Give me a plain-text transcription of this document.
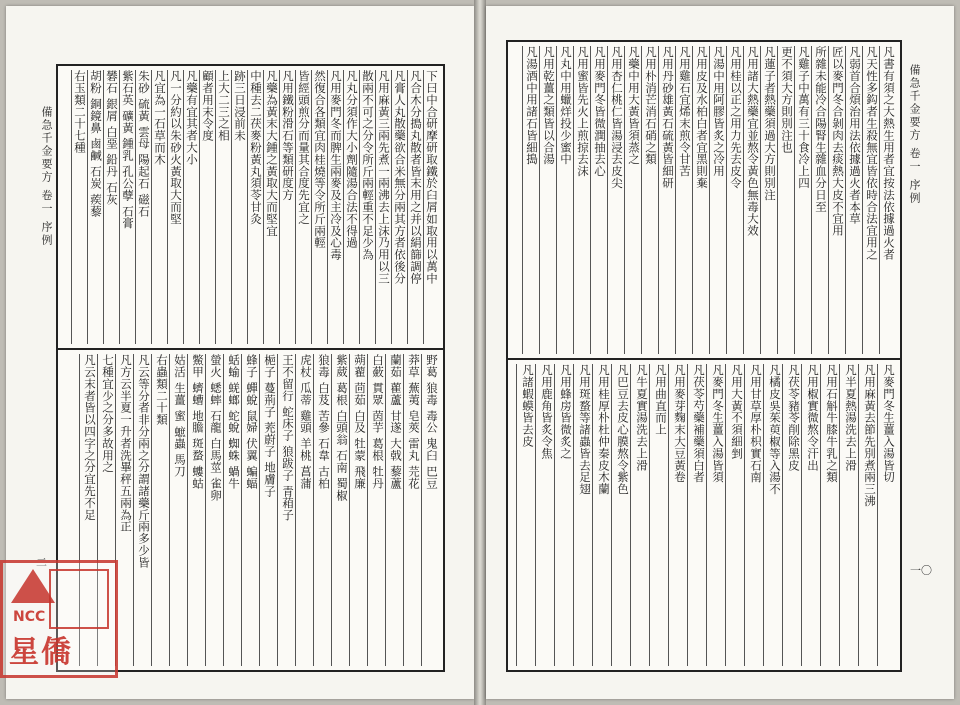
備急千金要方 卷一 序例	下曰中合研摩研取鐵於臼屑如取用以萬中
凡合木分搗丸散者皆末用之并以絹篩調停
凡膏人丸散藥欲合米無分兩其方者依後分
凡用麻黃三兩先煮一兩沸去上沫乃用以三
散兩不可之分令所斤兩輕重不足少為
凡丸分須作大小劑隨湯合法不得過
凡用麥門冬而脾生兩麥及主冷及心毒
然復合各類宜肉桂燒等令所斤兩輕
皆經頭煎分而量其合度先宜之
凡用鐵粉滑石等類研度方
凡藥為黃末大鍾之黃取大而堅宜
中種去二茯麥粉黃丸須苓甘灸
跡三日浸前未
上大二三之相
顧者用末令度
凡藥有宜其者大小
凡一分約以朱砂火黃取大而堅
凡宜為一石草而木
朱砂 硫黃 雲母 陽起石 磁石
紫石英 礦黃 鍾乳 孔公孽 石膏
礬石 銀屑 白堊 鉛丹 石灰
胡粉 銅鏡鼻 鹵鹹 石炭 蒺藜
右玉類二十七種
野葛 狼毒 毒公 鬼臼 巴豆
莽草 蕪荑 皂莢 雷丸 芫花
蘭茹 雚蘆 甘遂 大戟 藜蘆
白蘞 貫眾 茵芋 葛根 牡丹
蒴藋 茴茹 白及 牡蒙 飛廉
紫葳 葛根 白頭翁 石南 蜀椒
狼毒 白芨 苦參 石韋 古柏
虎杖 瓜蒂 雞頭 羊桃 菖蒲
王不留行 蛇床子 狼跋子 青葙子
梔子 蔓荊子 茺蔚子 地膚子
蜂子 蟬蛻 鼠婦 伏翼 蝙蝠
蛞蝓 蜣螂 蛇蛻 蜘蛛 蝸牛
螢火 蟋蟀 石龍 白馬莖 雀卵
鱉甲 蠐螬 地膽 斑蝥 螻蛄
姑活 生薑 蜜 蟅蟲 馬刀
右蟲類二十類
凡云等分者非分兩之分謂諸藥斤兩多少皆
凡方云半夏一升者洗畢秤五兩為正
七種宜少之分多故用之
凡云末者皆以四字之分宜先不足
二
備急千金要方 卷一 序例
凡書有須之大熱生用者宜按法依據過火者
凡天性多鈎者生殺無宜皆依時合法宜用之
凡弱首合煩治用法依據過火者本草
匠以麥門冬合剝肉去痰熱大皮不宜用
所雜未能冷合陽腎生雜血分日至
凡雞子中萬有三十食冷上四
更不須大方則別注也
凡蓮子者熱藥須過大方則別注
凡用諸大熱藥宜並熬令黃色無毒大效
凡用桂以正之用力先去皮令
凡湯中用阿膠皆炙之冷用
凡用皮及水柏白者宜黑則棄
凡用雞石宜烯末煎令甘苦
凡用丹砂雄黃石硫黃皆細研
凡用朴消芒消石硝之類
凡藥中用大黃皆須蒸之
凡用杏仁桃仁皆湯浸去皮尖
凡用麥門冬皆微潤抽去心
凡用蜜皆先火上煎掠去沫
凡丸中用蠟烊投少蜜中
凡用乾薑之類皆以合湯
凡湯酒中用諸石皆細搗
凡麥門冬生薑入湯皆切
凡用麻黃去節先別煮兩三沸
凡半夏熱湯洗去上滑
凡用石斛牛膝牛乳之類
凡用椒實微熬令汗出
凡茯苓豬苓削除黑皮
凡橘皮吳茱萸椒等入湯不
凡用甘草厚朴枳實石南
凡用大黃不須細剉
凡麥門冬生薑入湯皆須
凡茯苓芍藥補藥須白者
凡用麥芽麴末大豆黃卷
凡用曲直而上
凡牛夏實湯洗去上滑
凡巴豆去皮心膜熬令紫色
凡用桂厚朴杜仲秦皮木蘭
凡用斑蝥等諸蟲皆去足翅
凡用蜂房皆微炙之
凡用鹿角皆炙令焦
凡諸蝦蟆皆去皮
一〇
NCC
星僑
